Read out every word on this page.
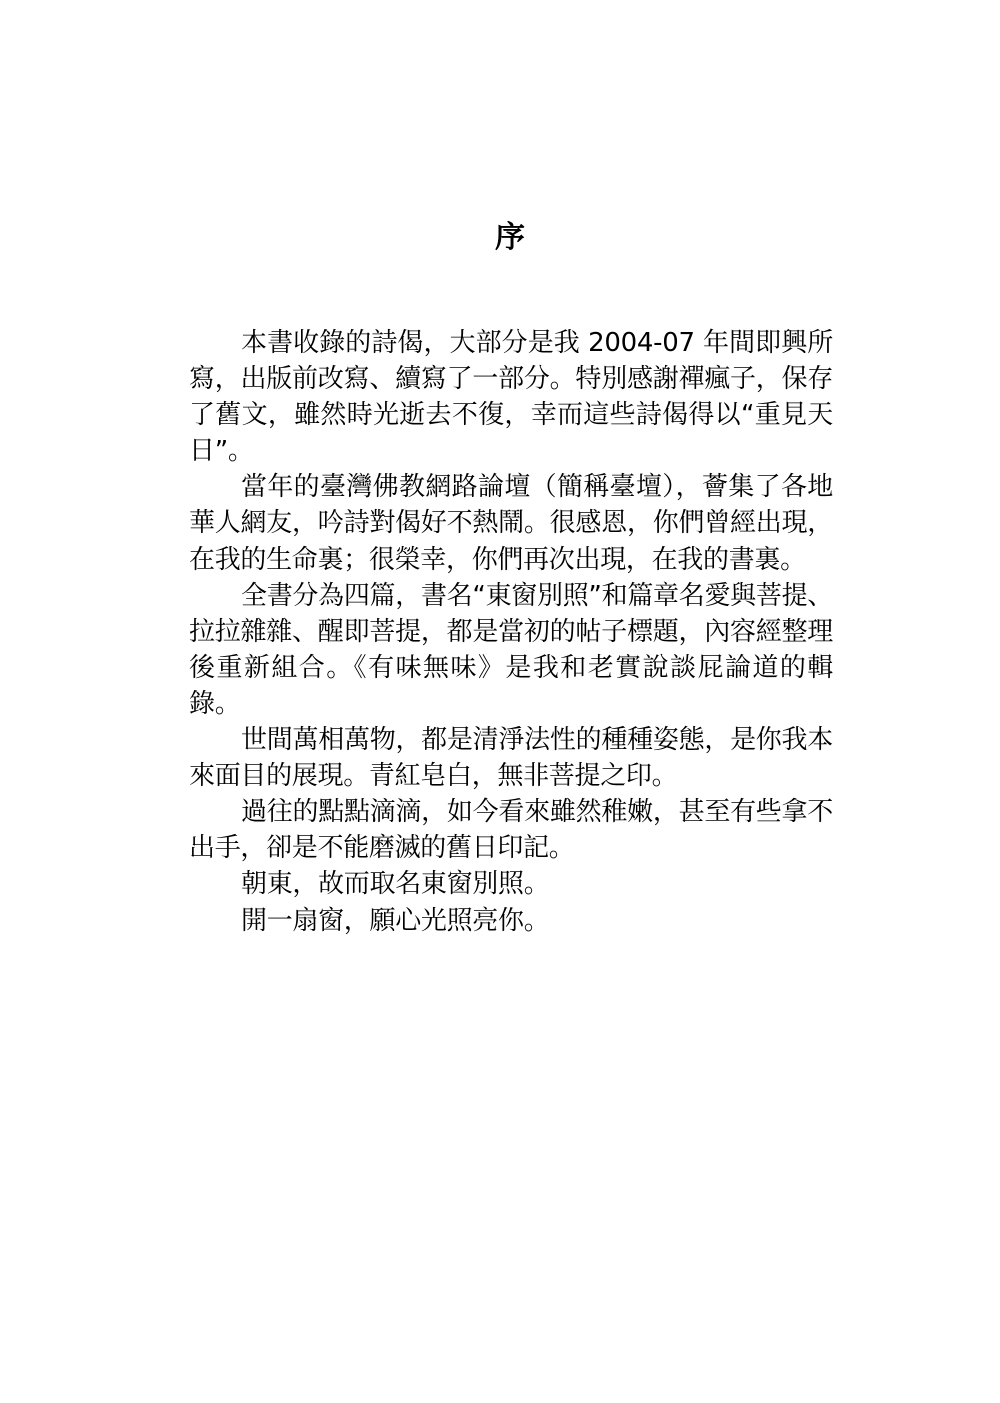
序

本書收錄的詩偈，大部分是我 2004-07 年間即興所寫，出版前改寫、續寫了一部分。特別感謝禪瘋子，保存了舊文，雖然時光逝去不復，幸而這些詩偈得以“重見天日”。

當年的臺灣佛教網路論壇（簡稱臺壇），薈集了各地華人網友，吟詩對偈好不熱鬧。很感恩，你們曾經出現，在我的生命裏；很榮幸，你們再次出現，在我的書裏。

全書分為四篇，書名“東窗別照”和篇章名愛與菩提、拉拉雜雜、醒即菩提，都是當初的帖子標題，內容經整理後重新組合。《有味無味》是我和老實說談屁論道的輯錄。

世間萬相萬物，都是清淨法性的種種姿態，是你我本來面目的展現。青紅皂白，無非菩提之印。

過往的點點滴滴，如今看來雖然稚嫩，甚至有些拿不出手，卻是不能磨滅的舊日印記。

朝東，故而取名東窗別照。

開一扇窗，願心光照亮你。
